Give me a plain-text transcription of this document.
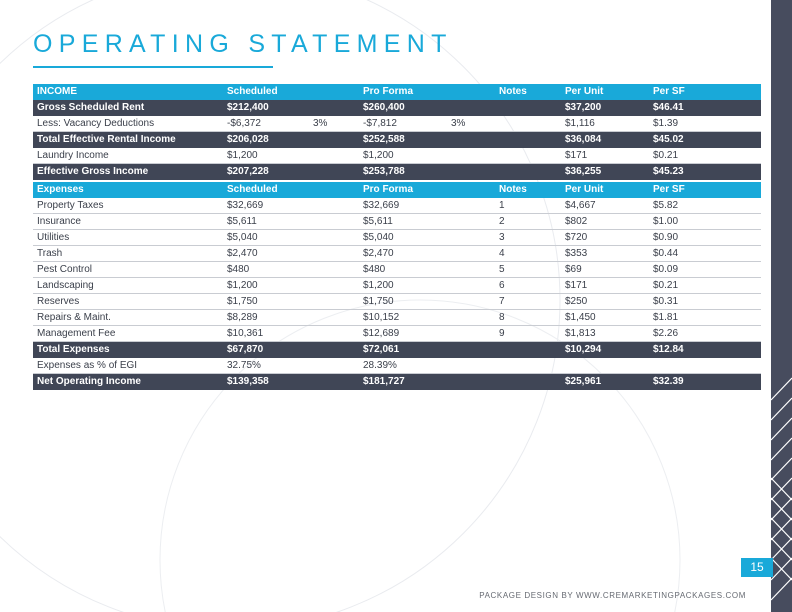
OPERATING STATEMENT
INCOME	Scheduled		Pro Forma		Notes	Per Unit	Per SF
Gross Scheduled Rent	$212,400		$260,400			$37,200	$46.41
Less: Vacancy Deductions	-$6,372	3%	-$7,812	3%		$1,116	$1.39
Total Effective Rental Income	$206,028		$252,588			$36,084	$45.02
Laundry Income	$1,200		$1,200			$171	$0.21
Effective Gross Income	$207,228		$253,788			$36,255	$45.23
Expenses	Scheduled		Pro Forma		Notes	Per Unit	Per SF
Property Taxes	$32,669		$32,669		1	$4,667	$5.82
Insurance	$5,611		$5,611		2	$802	$1.00
Utilities	$5,040		$5,040		3	$720	$0.90
Trash	$2,470		$2,470		4	$353	$0.44
Pest Control	$480		$480		5	$69	$0.09
Landscaping	$1,200		$1,200		6	$171	$0.21
Reserves	$1,750		$1,750		7	$250	$0.31
Repairs & Maint.	$8,289		$10,152		8	$1,450	$1.81
Management Fee	$10,361		$12,689		9	$1,813	$2.26
Total Expenses	$67,870		$72,061			$10,294	$12.84
Expenses as % of EGI	32.75%		28.39%				
Net Operating Income	$139,358		$181,727			$25,961	$32.39
15
PACKAGE DESIGN BY WWW.CREMARKETINGPACKAGES.COM
